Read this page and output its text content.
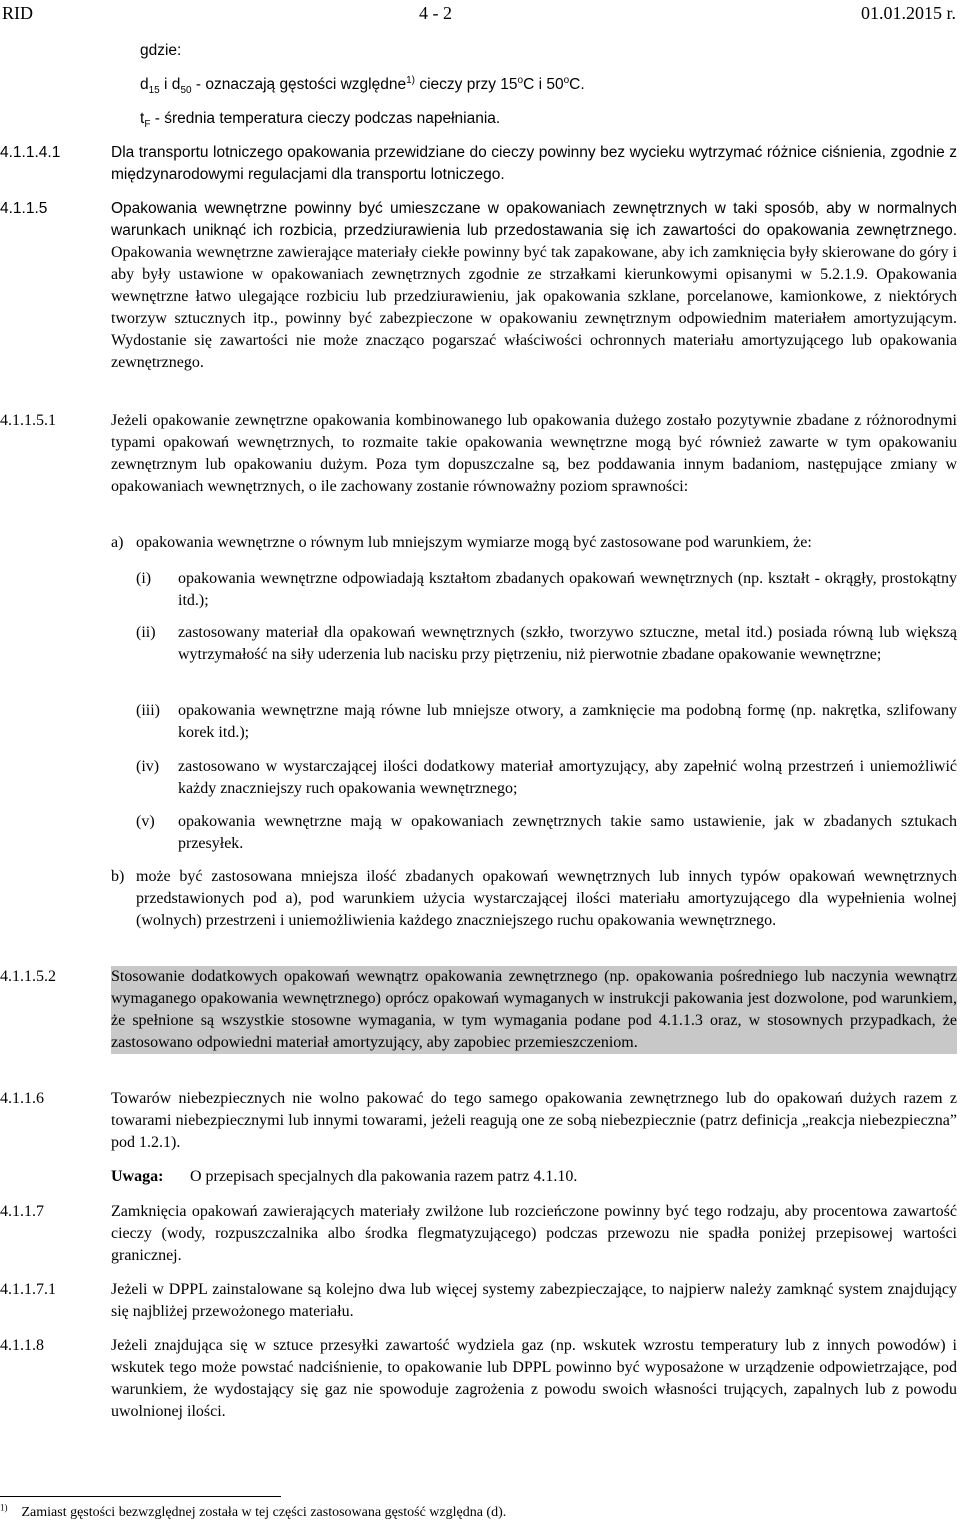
RID	4 - 2	01.01.2015 r.
gdzie:
$d_{15}$ i $d_{50}$ - oznaczają gęstości względne$^{1)}$ cieczy przy 15$^o$C i 50$^o$C.
$t_F$ - średnia temperatura cieczy podczas napełniania.
4.1.1.4.1	Dla transportu lotniczego opakowania przewidziane do cieczy powinny bez wycieku wytrzymać różnice ciśnienia, zgodnie z międzynarodowymi regulacjami dla transportu lotniczego.
4.1.1.5	Opakowania wewnętrzne powinny być umieszczane w opakowaniach zewnętrznych w taki sposób, aby w normalnych warunkach uniknąć ich rozbicia, przedziurawienia lub przedostawania się ich zawartości do opakowania zewnętrznego. Opakowania wewnętrzne zawierające materiały ciekłe powinny być tak zapakowane, aby ich zamknięcia były skierowane do góry i aby były ustawione w opakowaniach zewnętrznych zgodnie ze strzałkami kierunkowymi opisanymi w 5.2.1.9. Opakowania wewnętrzne łatwo ulegające rozbiciu lub przedziurawieniu, jak opakowania szklane, porcelanowe, kamionkowe, z niektórych tworzyw sztucznych itp., powinny być zabezpieczone w opakowaniu zewnętrznym odpowiednim materiałem amortyzującym. Wydostanie się zawartości nie może znacząco pogarszać właściwości ochronnych materiału amortyzującego lub opakowania zewnętrznego.
4.1.1.5.1	Jeżeli opakowanie zewnętrzne opakowania kombinowanego lub opakowania dużego zostało pozytywnie zbadane z różnorodnymi typami opakowań wewnętrznych, to rozmaite takie opakowania wewnętrzne mogą być również zawarte w tym opakowaniu zewnętrznym lub opakowaniu dużym. Poza tym dopuszczalne są, bez poddawania innym badaniom, następujące zmiany w opakowaniach wewnętrznych, o ile zachowany zostanie równoważny poziom sprawności:
a) opakowania wewnętrzne o równym lub mniejszym wymiarze mogą być zastosowane pod warunkiem, że:
(i) opakowania wewnętrzne odpowiadają kształtom zbadanych opakowań wewnętrznych (np. kształt - okrągły, prostokątny itd.);
(ii) zastosowany materiał dla opakowań wewnętrznych (szkło, tworzywo sztuczne, metal itd.) posiada równą lub większą wytrzymałość na siły uderzenia lub nacisku przy piętrzeniu, niż pierwotnie zbadane opakowanie wewnętrzne;
(iii) opakowania wewnętrzne mają równe lub mniejsze otwory, a zamknięcie ma podobną formę (np. nakrętka, szlifowany korek itd.);
(iv) zastosowano w wystarczającej ilości dodatkowy materiał amortyzujący, aby zapełnić wolną przestrzeń i uniemożliwić każdy znaczniejszy ruch opakowania wewnętrznego;
(v) opakowania wewnętrzne mają w opakowaniach zewnętrznych takie samo ustawienie, jak w zbadanych sztukach przesyłek.
b) może być zastosowana mniejsza ilość zbadanych opakowań wewnętrznych lub innych typów opakowań wewnętrznych przedstawionych pod a), pod warunkiem użycia wystarczającej ilości materiału amortyzującego dla wypełnienia wolnej (wolnych) przestrzeni i uniemożliwienia każdego znaczniejszego ruchu opakowania wewnętrznego.
4.1.1.5.2	Stosowanie dodatkowych opakowań wewnątrz opakowania zewnętrznego (np. opakowania pośredniego lub naczynia wewnątrz wymaganego opakowania wewnętrznego) oprócz opakowań wymaganych w instrukcji pakowania jest dozwolone, pod warunkiem, że spełnione są wszystkie stosowne wymagania, w tym wymagania podane pod 4.1.1.3 oraz, w stosownych przypadkach, że zastosowano odpowiedni materiał amortyzujący, aby zapobiec przemieszczeniom.
4.1.1.6	Towarów niebezpiecznych nie wolno pakować do tego samego opakowania zewnętrznego lub do opakowań dużych razem z towarami niebezpiecznymi lub innymi towarami, jeżeli reagują one ze sobą niebezpiecznie (patrz definicja „reakcja niebezpieczna” pod 1.2.1).
Uwaga: O przepisach specjalnych dla pakowania razem patrz 4.1.10.
4.1.1.7	Zamknięcia opakowań zawierających materiały zwilżone lub rozcieńczone powinny być tego rodzaju, aby procentowa zawartość cieczy (wody, rozpuszczalnika albo środka flegmatyzującego) podczas przewozu nie spadła poniżej przepisowej wartości granicznej.
4.1.1.7.1	Jeżeli w DPPL zainstalowane są kolejno dwa lub więcej systemy zabezpieczające, to najpierw należy zamknąć system znajdujący się najbliżej przewożonego materiału.
4.1.1.8	Jeżeli znajdująca się w sztuce przesyłki zawartość wydziela gaz (np. wskutek wzrostu temperatury lub z innych powodów) i wskutek tego może powstać nadciśnienie, to opakowanie lub DPPL powinno być wyposażone w urządzenie odpowietrzające, pod warunkiem, że wydostający się gaz nie spowoduje zagrożenia z powodu swoich własności trujących, zapalnych lub z powodu uwolnionej ilości.
$^{1)}$ Zamiast gęstości bezwzględnej została w tej części zastosowana gęstość względna (d).
